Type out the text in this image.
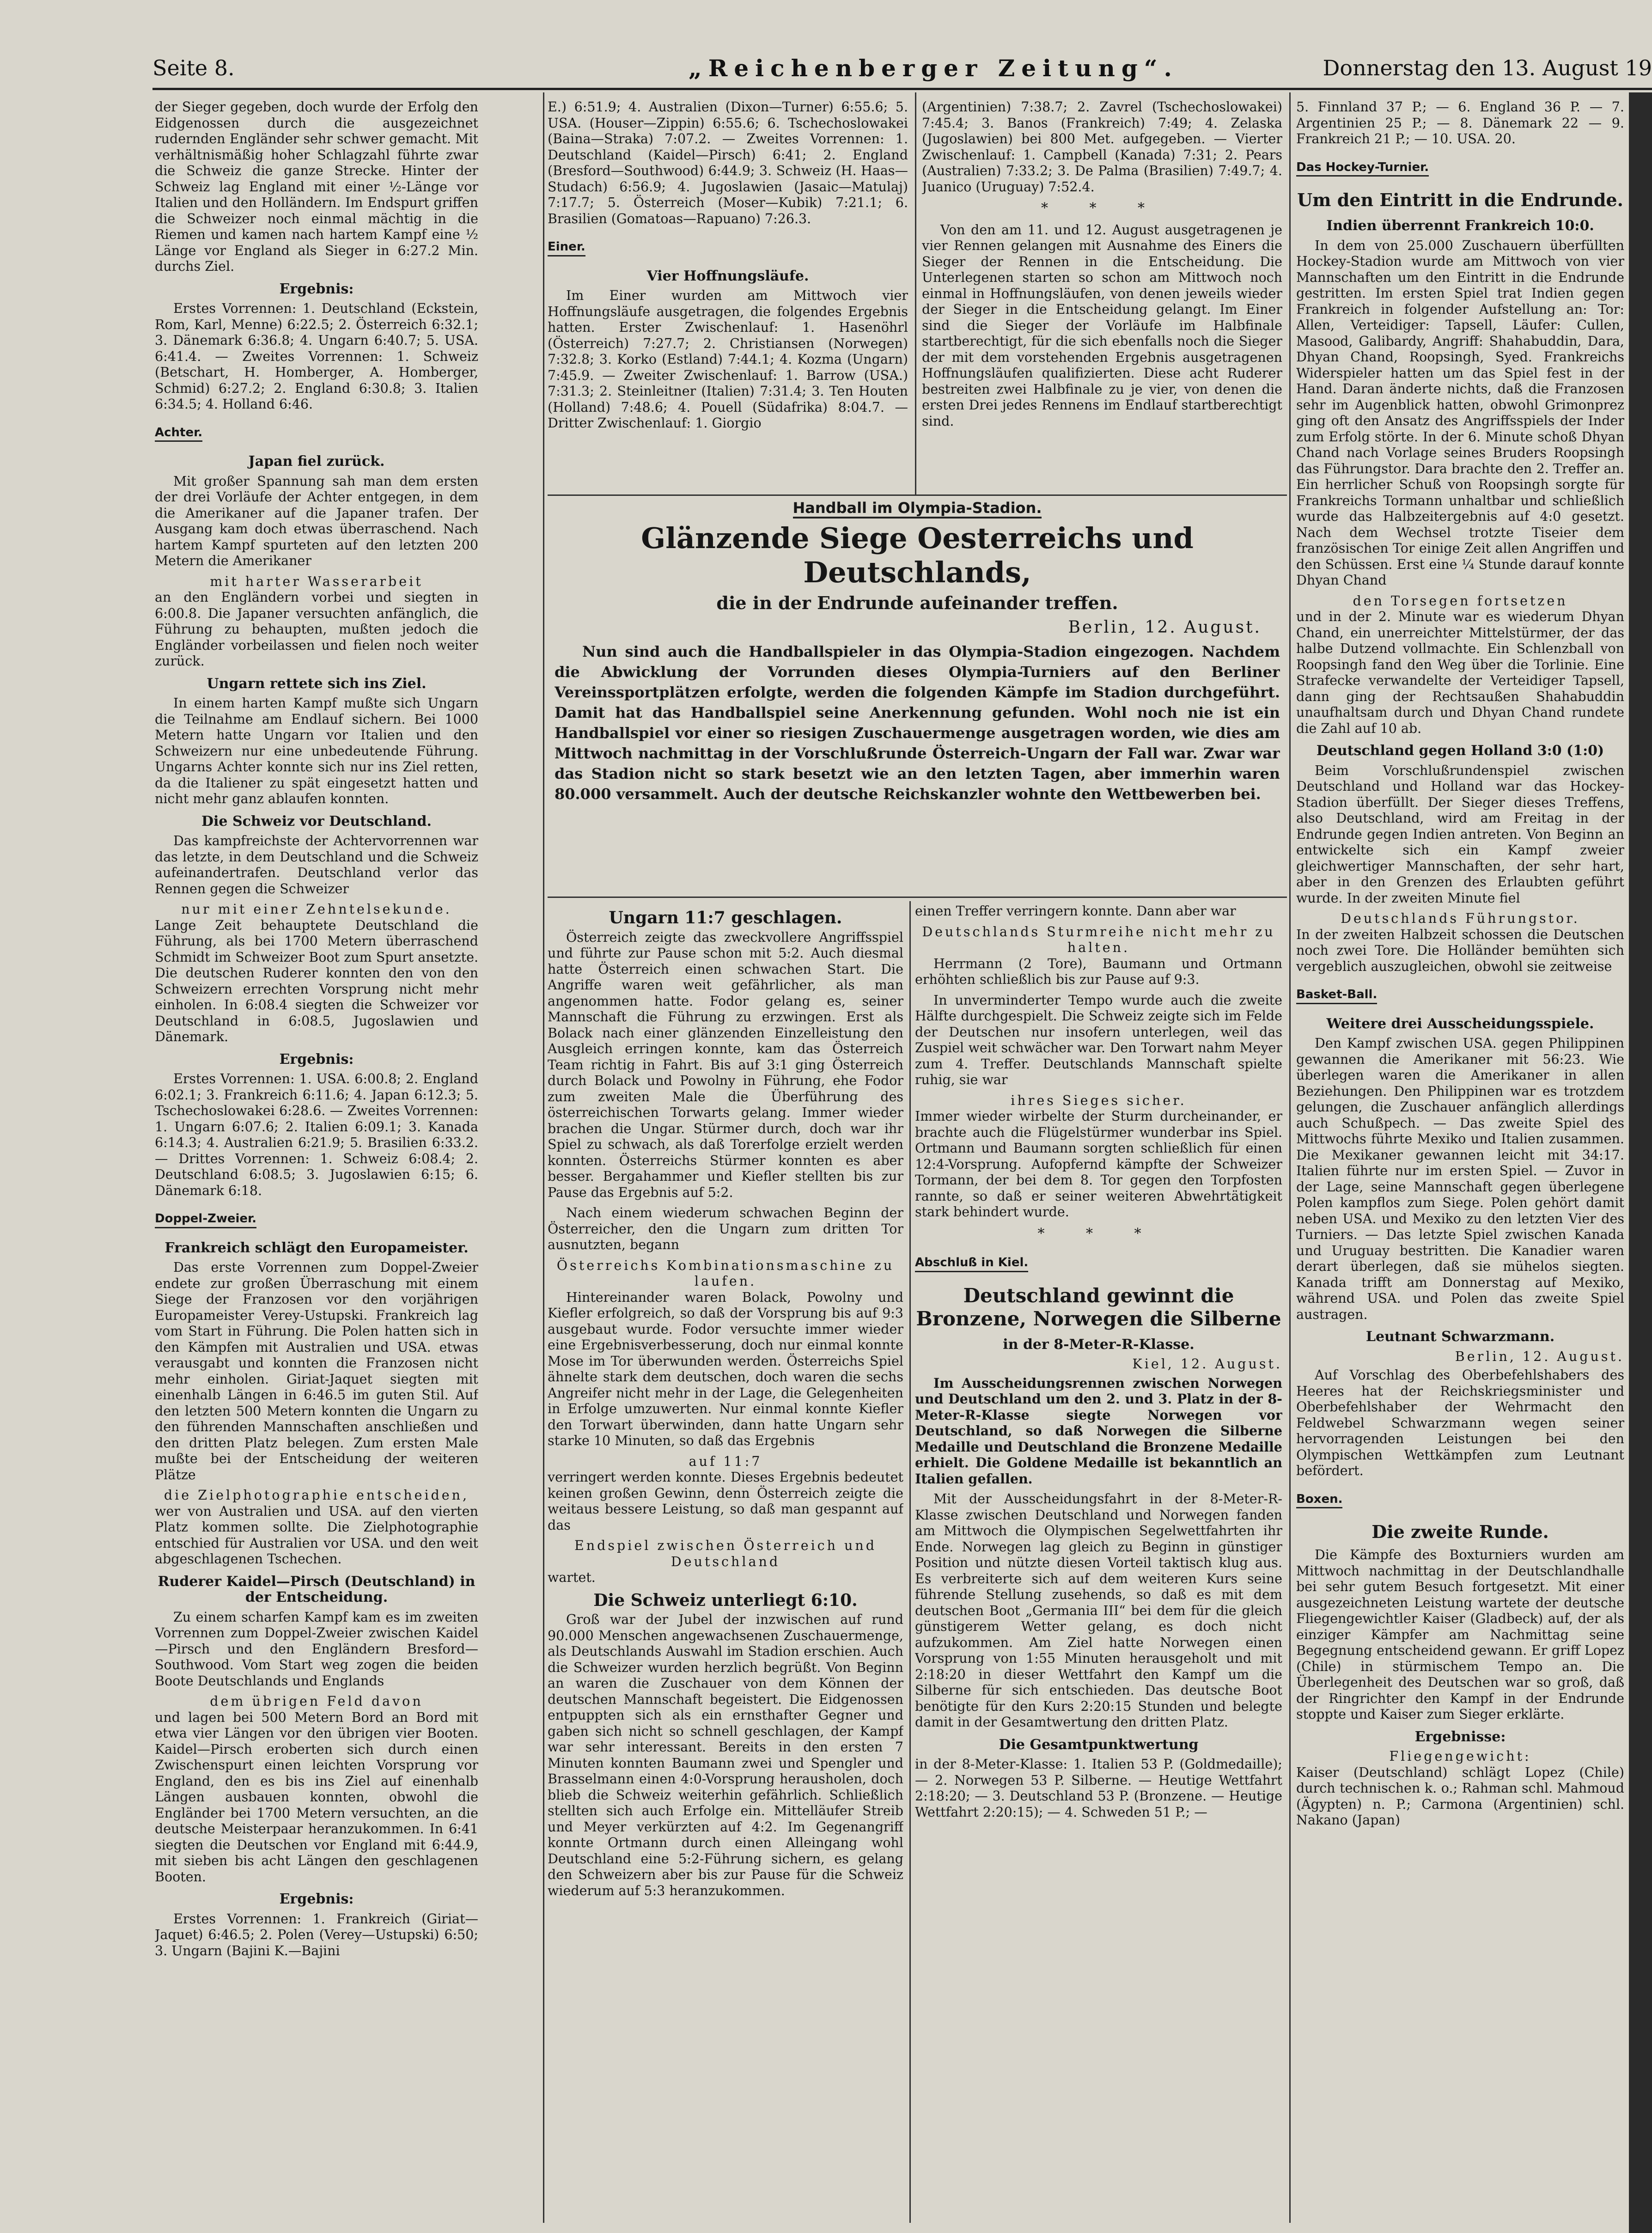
Seite 8.	„Reichenberger Zeitung“.	Donnerstag den 13. August 19

der Sieger gegeben, doch wurde der Erfolg den Eidgenossen durch die ausgezeichnet rudernden Engländer sehr schwer gemacht. Mit verhältnismäßig hoher Schlagzahl führte zwar die Schweiz die ganze Strecke. Hinter der Schweiz lag England mit einer ½-Länge vor Italien und den Holländern. Im Endspurt griffen die Schweizer noch einmal mächtig in die Riemen und kamen nach hartem Kampf eine ½ Länge vor England als Sieger in 6:27.2 Min. durchs Ziel.

Ergebnis:

Erstes Vorrennen: 1. Deutschland (Eckstein, Rom, Karl, Menne) 6:22.5; 2. Österreich 6:32.1; 3. Dänemark 6:36.8; 4. Ungarn 6:40.7; 5. USA. 6:41.4. — Zweites Vorrennen: 1. Schweiz (Betschart, H. Homberger, A. Homberger, Schmid) 6:27.2; 2. England 6:30.8; 3. Italien 6:34.5; 4. Holland 6:46.

Achter.
Japan fiel zurück.

Mit großer Spannung sah man dem ersten der drei Vorläufe der Achter entgegen, in dem die Amerikaner auf die Japaner trafen. Der Ausgang kam doch etwas überraschend. Nach hartem Kampf spurteten auf den letzten 200 Metern die Amerikaner

mit harter Wasserarbeit

an den Engländern vorbei und siegten in 6:00.8. Die Japaner versuchten anfänglich, die Führung zu behaupten, mußten jedoch die Engländer vorbeilassen und fielen noch weiter zurück.

Ungarn rettete sich ins Ziel.

In einem harten Kampf mußte sich Ungarn die Teilnahme am Endlauf sichern. Bei 1000 Metern hatte Ungarn vor Italien und den Schweizern nur eine unbedeutende Führung. Ungarns Achter konnte sich nur ins Ziel retten, da die Italiener zu spät eingesetzt hatten und nicht mehr ganz ablaufen konnten.

Die Schweiz vor Deutschland.

Das kampfreichste der Achtervorrennen war das letzte, in dem Deutschland und die Schweiz aufeinandertrafen. Deutschland verlor das Rennen gegen die Schweizer

nur mit einer Zehntelsekunde.

Lange Zeit behauptete Deutschland die Führung, als bei 1700 Metern überraschend Schmidt im Schweizer Boot zum Spurt ansetzte. Die deutschen Ruderer konnten den von den Schweizern errechten Vorsprung nicht mehr einholen. In 6:08.4 siegten die Schweizer vor Deutschland in 6:08.5, Jugoslawien und Dänemark.

Ergebnis:

Erstes Vorrennen: 1. USA. 6:00.8; 2. England 6:02.1; 3. Frankreich 6:11.6; 4. Japan 6:12.3; 5. Tschechoslowakei 6:28.6. — Zweites Vorrennen: 1. Ungarn 6:07.6; 2. Italien 6:09.1; 3. Kanada 6:14.3; 4. Australien 6:21.9; 5. Brasilien 6:33.2. — Drittes Vorrennen: 1. Schweiz 6:08.4; 2. Deutschland 6:08.5; 3. Jugoslawien 6:15; 6. Dänemark 6:18.

Doppel-Zweier.
Frankreich schlägt den Europameister.

Das erste Vorrennen zum Doppel-Zweier endete zur großen Überraschung mit einem Siege der Franzosen vor den vorjährigen Europameister Verey-Ustupski. Frankreich lag vom Start in Führung. Die Polen hatten sich in den Kämpfen mit Australien und USA. etwas verausgabt und konnten die Franzosen nicht mehr einholen. Giriat-Jaquet siegten mit einenhalb Längen in 6:46.5 im guten Stil. Auf den letzten 500 Metern konnten die Ungarn zu den führenden Mannschaften anschließen und den dritten Platz belegen. Zum ersten Male mußte bei der Entscheidung der weiteren Plätze

die Zielphotographie entscheiden,

wer von Australien und USA. auf den vierten Platz kommen sollte. Die Zielphotographie entschied für Australien vor USA. und den weit abgeschlagenen Tschechen.

Ruderer Kaidel—Pirsch (Deutschland) in der Entscheidung.

Zu einem scharfen Kampf kam es im zweiten Vorrennen zum Doppel-Zweier zwischen Kaidel—Pirsch und den Engländern Bresford—Southwood. Vom Start weg zogen die beiden Boote Deutschlands und Englands

dem übrigen Feld davon

und lagen bei 500 Metern Bord an Bord mit etwa vier Längen vor den übrigen vier Booten. Kaidel—Pirsch eroberten sich durch einen Zwischenspurt einen leichten Vorsprung vor England, den es bis ins Ziel auf einenhalb Längen ausbauen konnten, obwohl die Engländer bei 1700 Metern versuchten, an die deutsche Meisterpaar heranzukommen. In 6:41 siegten die Deutschen vor England mit 6:44.9, mit sieben bis acht Längen den geschlagenen Booten.

Ergebnis:

Erstes Vorrennen: 1. Frankreich (Giriat—Jaquet) 6:46.5; 2. Polen (Verey—Ustupski) 6:50; 3. Ungarn (Bajini K.—Bajini

E.) 6:51.9; 4. Australien (Dixon—Turner) 6:55.6; 5. USA. (Houser—Zippin) 6:55.6; 6. Tschechoslowakei (Baina—Straka) 7:07.2. — Zweites Vorrennen: 1. Deutschland (Kaidel—Pirsch) 6:41; 2. England (Bresford—Southwood) 6:44.9; 3. Schweiz (H. Haas—Studach) 6:56.9; 4. Jugoslawien (Jasaic—Matulaj) 7:17.7; 5. Österreich (Moser—Kubik) 7:21.1; 6. Brasilien (Gomatoas—Rapuano) 7:26.3.

Einer.
Vier Hoffnungsläufe.

Im Einer wurden am Mittwoch vier Hoffnungsläufe ausgetragen, die folgendes Ergebnis hatten. Erster Zwischenlauf: 1. Hasenöhrl (Österreich) 7:27.7; 2. Christiansen (Norwegen) 7:32.8; 3. Korko (Estland) 7:44.1; 4. Kozma (Ungarn) 7:45.9. — Zweiter Zwischenlauf: 1. Barrow (USA.) 7:31.3; 2. Steinleitner (Italien) 7:31.4; 3. Ten Houten (Holland) 7:48.6; 4. Pouell (Südafrika) 8:04.7. — Dritter Zwischenlauf: 1. Giorgio

(Argentinien) 7:38.7; 2. Zavrel (Tschechoslowakei) 7:45.4; 3. Banos (Frankreich) 7:49; 4. Zelaska (Jugoslawien) bei 800 Met. aufgegeben. — Vierter Zwischenlauf: 1. Campbell (Kanada) 7:31; 2. Pears (Australien) 7:33.2; 3. De Palma (Brasilien) 7:49.7; 4. Juanico (Uruguay) 7:52.4.

* * *

Von den am 11. und 12. August ausgetragenen je vier Rennen gelangen mit Ausnahme des Einers die Sieger der Rennen in die Entscheidung. Die Unterlegenen starten so schon am Mittwoch noch einmal in Hoffnungsläufen, von denen jeweils wieder der Sieger in die Entscheidung gelangt. Im Einer sind die Sieger der Vorläufe im Halbfinale startberechtigt, für die sich ebenfalls noch die Sieger der mit dem vorstehenden Ergebnis ausgetragenen Hoffnungsläufen qualifizierten. Diese acht Ruderer bestreiten zwei Halbfinale zu je vier, von denen die ersten Drei jedes Rennens im Endlauf startberechtigt sind.

Handball im Olympia-Stadion.
Glänzende Siege Oesterreichs und Deutschlands,
die in der Endrunde aufeinander treffen.
Berlin, 12. August.

Nun sind auch die Handballspieler in das Olympia-Stadion eingezogen. Nachdem die Abwicklung der Vorrunden dieses Olympia-Turniers auf den Berliner Vereinssportplätzen erfolgte, werden die folgenden Kämpfe im Stadion durchgeführt. Damit hat das Handballspiel seine Anerkennung gefunden. Wohl noch nie ist ein Handballspiel vor einer so riesigen Zuschauermenge ausgetragen worden, wie dies am Mittwoch nachmittag in der Vorschlußrunde Österreich-Ungarn der Fall war. Zwar war das Stadion nicht so stark besetzt wie an den letzten Tagen, aber immerhin waren 80.000 versammelt. Auch der deutsche Reichskanzler wohnte den Wettbewerben bei.

Ungarn 11:7 geschlagen.

Österreich zeigte das zweckvollere Angriffsspiel und führte zur Pause schon mit 5:2. Auch diesmal hatte Österreich einen schwachen Start. Die Angriffe waren weit gefährlicher, als man angenommen hatte. Fodor gelang es, seiner Mannschaft die Führung zu erzwingen. Erst als Bolack nach einer glänzenden Einzelleistung den Ausgleich erringen konnte, kam das Österreich Team richtig in Fahrt. Bis auf 3:1 ging Österreich durch Bolack und Powolny in Führung, ehe Fodor zum zweiten Male die Überführung des österreichischen Torwarts gelang. Immer wieder brachen die Ungar. Stürmer durch, doch war ihr Spiel zu schwach, als daß Torerfolge erzielt werden konnten. Österreichs Stürmer konnten es aber besser. Bergahammer und Kiefler stellten bis zur Pause das Ergebnis auf 5:2.

Nach einem wiederum schwachen Beginn der Österreicher, den die Ungarn zum dritten Tor ausnutzten, begann

Österreichs Kombinationsmaschine zu laufen.

Hintereinander waren Bolack, Powolny und Kiefler erfolgreich, so daß der Vorsprung bis auf 9:3 ausgebaut wurde. Fodor versuchte immer wieder eine Ergebnisverbesserung, doch nur einmal konnte Mose im Tor überwunden werden. Österreichs Spiel ähnelte stark dem deutschen, doch waren die sechs Angreifer nicht mehr in der Lage, die Gelegenheiten in Erfolge umzuwerten. Nur einmal konnte Kiefler den Torwart überwinden, dann hatte Ungarn sehr starke 10 Minuten, so daß das Ergebnis

auf 11:7

verringert werden konnte. Dieses Ergebnis bedeutet keinen großen Gewinn, denn Österreich zeigte die weitaus bessere Leistung, so daß man gespannt auf das

Endspiel zwischen Österreich und Deutschland

wartet.

Die Schweiz unterliegt 6:10.

Groß war der Jubel der inzwischen auf rund 90.000 Menschen angewachsenen Zuschauermenge, als Deutschlands Auswahl im Stadion erschien. Auch die Schweizer wurden herzlich begrüßt. Von Beginn an waren die Zuschauer von dem Können der deutschen Mannschaft begeistert. Die Eidgenossen entpuppten sich als ein ernsthafter Gegner und gaben sich nicht so schnell geschlagen, der Kampf war sehr interessant. Bereits in den ersten 7 Minuten konnten Baumann zwei und Spengler und Brasselmann einen 4:0-Vorsprung herausholen, doch blieb die Schweiz weiterhin gefährlich. Schließlich stellten sich auch Erfolge ein. Mittelläufer Streib und Meyer verkürzten auf 4:2. Im Gegenangriff konnte Ortmann durch einen Alleingang wohl Deutschland eine 5:2-Führung sichern, es gelang den Schweizern aber bis zur Pause für die Schweiz wiederum auf 5:3 heranzukommen.

einen Treffer verringern konnte. Dann aber war

Deutschlands Sturmreihe nicht mehr zu halten.

Herrmann (2 Tore), Baumann und Ortmann erhöhten schließlich bis zur Pause auf 9:3.

In unverminderter Tempo wurde auch die zweite Hälfte durchgespielt. Die Schweiz zeigte sich im Felde der Deutschen nur insofern unterlegen, weil das Zuspiel weit schwächer war. Den Torwart nahm Meyer zum 4. Treffer. Deutschlands Mannschaft spielte ruhig, sie war

ihres Sieges sicher.

Immer wieder wirbelte der Sturm durcheinander, er brachte auch die Flügelstürmer wunderbar ins Spiel. Ortmann und Baumann sorgten schließlich für einen 12:4-Vorsprung. Aufopfernd kämpfte der Schweizer Tormann, der bei dem 8. Tor gegen den Torpfosten rannte, so daß er seiner weiteren Abwehrtätigkeit stark behindert wurde.

* * *
Abschluß in Kiel.
Deutschland gewinnt die Bronzene, Norwegen die Silberne
in der 8-Meter-R-Klasse.
Kiel, 12. August.

Im Ausscheidungsrennen zwischen Norwegen und Deutschland um den 2. und 3. Platz in der 8-Meter-R-Klasse siegte Norwegen vor Deutschland, so daß Norwegen die Silberne Medaille und Deutschland die Bronzene Medaille erhielt. Die Goldene Medaille ist bekanntlich an Italien gefallen.

Mit der Ausscheidungsfahrt in der 8-Meter-R-Klasse zwischen Deutschland und Norwegen fanden am Mittwoch die Olympischen Segelwettfahrten ihr Ende. Norwegen lag gleich zu Beginn in günstiger Position und nützte diesen Vorteil taktisch klug aus. Es verbreiterte sich auf dem weiteren Kurs seine führende Stellung zusehends, so daß es mit dem deutschen Boot „Germania III“ bei dem für die gleich günstigerem Wetter gelang, es doch nicht aufzukommen. Am Ziel hatte Norwegen einen Vorsprung von 1:55 Minuten herausgeholt und mit 2:18:20 in dieser Wettfahrt den Kampf um die Silberne für sich entschieden. Das deutsche Boot benötigte für den Kurs 2:20:15 Stunden und belegte damit in der Gesamtwertung den dritten Platz.

Die Gesamtpunktwertung

in der 8-Meter-Klasse: 1. Italien 53 P. (Goldmedaille); — 2. Norwegen 53 P. Silberne. — Heutige Wettfahrt 2:18:20; — 3. Deutschland 53 P. (Bronzene. — Heutige Wettfahrt 2:20:15); — 4. Schweden 51 P.; —

5. Finnland 37 P.; — 6. England 36 P. — 7. Argentinien 25 P.; — 8. Dänemark 22 — 9. Frankreich 21 P.; — 10. USA. 20.

Das Hockey-Turnier.
Um den Eintritt in die Endrunde.
Indien überrennt Frankreich 10:0.

In dem von 25.000 Zuschauern überfüllten Hockey-Stadion wurde am Mittwoch von vier Mannschaften um den Eintritt in die Endrunde gestritten. Im ersten Spiel trat Indien gegen Frankreich in folgender Aufstellung an: Tor: Allen, Verteidiger: Tapsell, Läufer: Cullen, Masood, Galibardy, Angriff: Shahabuddin, Dara, Dhyan Chand, Roopsingh, Syed. Frankreichs Widerspieler hatten um das Spiel fest in der Hand. Daran änderte nichts, daß die Franzosen sehr im Augenblick hatten, obwohl Grimonprez ging oft den Ansatz des Angriffsspiels der Inder zum Erfolg störte. In der 6. Minute schoß Dhyan Chand nach Vorlage seines Bruders Roopsingh das Führungstor. Dara brachte den 2. Treffer an. Ein herrlicher Schuß von Roopsingh sorgte für Frankreichs Tormann unhaltbar und schließlich wurde das Halbzeitergebnis auf 4:0 gesetzt. Nach dem Wechsel trotzte Tiseier dem französischen Tor einige Zeit allen Angriffen und den Schüssen. Erst eine ¼ Stunde darauf konnte Dhyan Chand

den Torsegen fortsetzen

und in der 2. Minute war es wiederum Dhyan Chand, ein unerreichter Mittelstürmer, der das halbe Dutzend vollmachte. Ein Schlenzball von Roopsingh fand den Weg über die Torlinie. Eine Strafecke verwandelte der Verteidiger Tapsell, dann ging der Rechtsaußen Shahabuddin unaufhaltsam durch und Dhyan Chand rundete die Zahl auf 10 ab.

Deutschland gegen Holland 3:0 (1:0)

Beim Vorschlußrundenspiel zwischen Deutschland und Holland war das Hockey-Stadion überfüllt. Der Sieger dieses Treffens, also Deutschland, wird am Freitag in der Endrunde gegen Indien antreten. Von Beginn an entwickelte sich ein Kampf zweier gleichwertiger Mannschaften, der sehr hart, aber in den Grenzen des Erlaubten geführt wurde. In der zweiten Minute fiel

Deutschlands Führungstor.

In der zweiten Halbzeit schossen die Deutschen noch zwei Tore. Die Holländer bemühten sich vergeblich auszugleichen, obwohl sie zeitweise

Basket-Ball.
Weitere drei Ausscheidungsspiele.

Den Kampf zwischen USA. gegen Philippinen gewannen die Amerikaner mit 56:23. Wie überlegen waren die Amerikaner in allen Beziehungen. Den Philippinen war es trotzdem gelungen, die Zuschauer anfänglich allerdings auch Schußpech. — Das zweite Spiel des Mittwochs führte Mexiko und Italien zusammen. Die Mexikaner gewannen leicht mit 34:17. Italien führte nur im ersten Spiel. — Zuvor in der Lage, seine Mannschaft gegen überlegene Polen kampflos zum Siege. Polen gehört damit neben USA. und Mexiko zu den letzten Vier des Turniers. — Das letzte Spiel zwischen Kanada und Uruguay bestritten. Die Kanadier waren derart überlegen, daß sie mühelos siegten. Kanada trifft am Donnerstag auf Mexiko, während USA. und Polen das zweite Spiel austragen.

Leutnant Schwarzmann.
Berlin, 12. August.

Auf Vorschlag des Oberbefehlshabers des Heeres hat der Reichskriegsminister und Oberbefehlshaber der Wehrmacht den Feldwebel Schwarzmann wegen seiner hervorragenden Leistungen bei den Olympischen Wettkämpfen zum Leutnant befördert.

Boxen.
Die zweite Runde.

Die Kämpfe des Boxturniers wurden am Mittwoch nachmittag in der Deutschlandhalle bei sehr gutem Besuch fortgesetzt. Mit einer ausgezeichneten Leistung wartete der deutsche Fliegengewichtler Kaiser (Gladbeck) auf, der als einziger Kämpfer am Nachmittag seine Begegnung entscheidend gewann. Er griff Lopez (Chile) in stürmischem Tempo an. Die Überlegenheit des Deutschen war so groß, daß der Ringrichter den Kampf in der Endrunde stoppte und Kaiser zum Sieger erklärte.

Ergebnisse:
Fliegengewicht:

Kaiser (Deutschland) schlägt Lopez (Chile) durch technischen k. o.; Rahman schl. Mahmoud (Ägypten) n. P.; Carmona (Argentinien) schl. Nakano (Japan)
